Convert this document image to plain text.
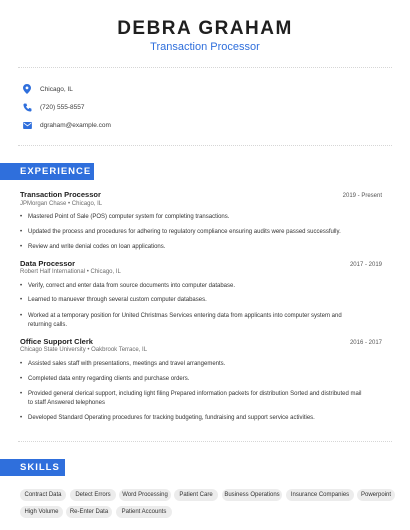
DEBRA GRAHAM
Transaction Processor
Chicago, IL
(720) 555-8557
dgraham@example.com
EXPERIENCE
Transaction Processor	2019 - Present
JPMorgan Chase • Chicago, IL
• Mastered Point of Sale (POS) computer system for completing transactions.
• Updated the process and procedures for adhering to regulatory compliance ensuring audits were passed successfully.
• Review and write denial codes on loan applications.
Data Processor	2017 - 2019
Robert Half International • Chicago, IL
• Verify, correct and enter data from source documents into computer database.
• Learned to manuever through several custom computer databases.
• Worked at a temporary position for United Christmas Services entering data from applicants into computer system and returning calls.
Office Support Clerk	2016 - 2017
Chicago State University • Oakbrook Terrace, IL
• Assisted sales staff with presentations, meetings and travel arrangements.
• Completed data entry regarding clients and purchase orders.
• Provided general clerical support, including light filing Prepared information packets for distribution Sorted and distributed mail to staff Answered telephones
• Developed Standard Operating procedures for tracking budgeting, fundraising and support service activities.
SKILLS
Contract Data	Detect Errors	Word Processing	Patient Care	Business Operations	Insurance Companies	Powerpoint
High Volume	Re-Enter Data	Patient Accounts
